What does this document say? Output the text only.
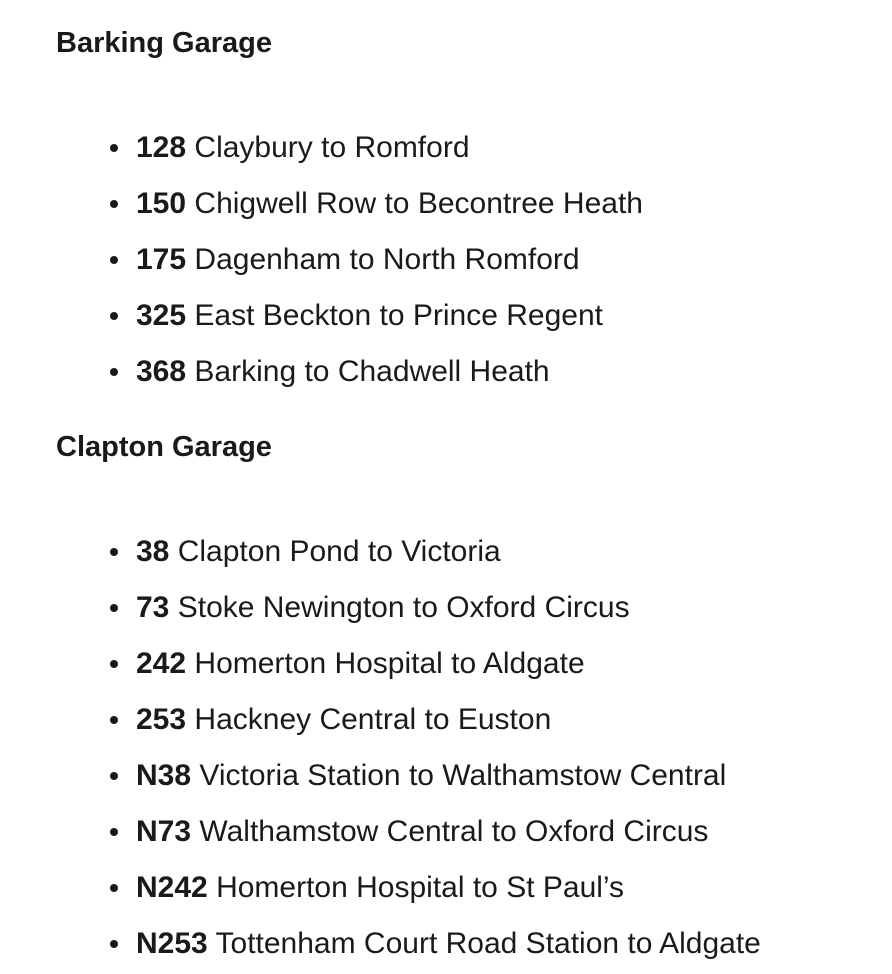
Barking Garage
128 Claybury to Romford
150 Chigwell Row to Becontree Heath
175 Dagenham to North Romford
325 East Beckton to Prince Regent
368 Barking to Chadwell Heath
Clapton Garage
38 Clapton Pond to Victoria
73 Stoke Newington to Oxford Circus
242 Homerton Hospital to Aldgate
253 Hackney Central to Euston
N38 Victoria Station to Walthamstow Central
N73 Walthamstow Central to Oxford Circus
N242 Homerton Hospital to St Paul’s
N253 Tottenham Court Road Station to Aldgate
